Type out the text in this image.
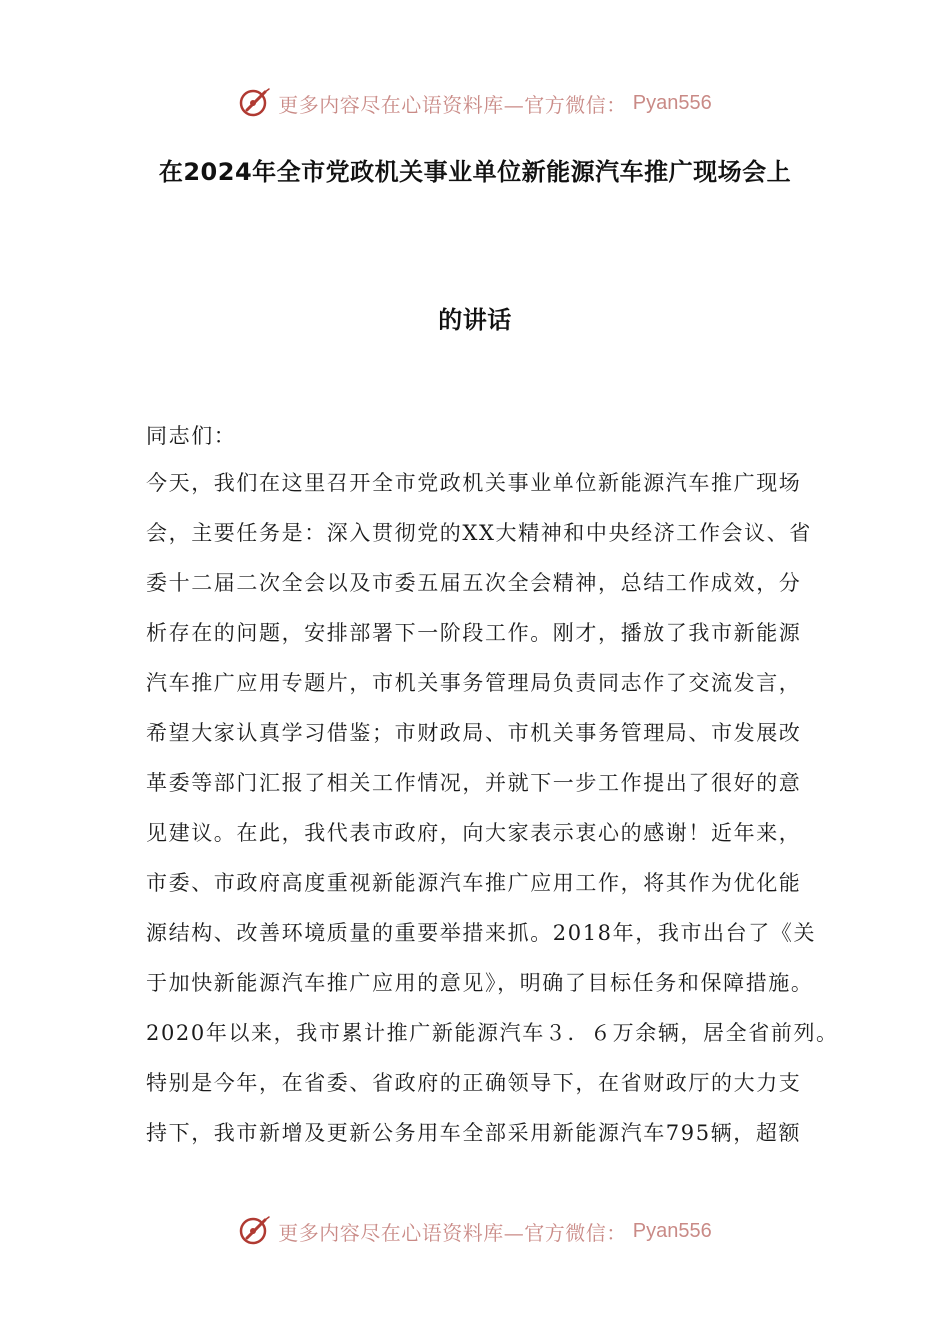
更多内容尽在心语资料库—官方微信： Pyan556
在2024年全市党政机关事业单位新能源汽车推广现场会上
的讲话
同志们：
今天，我们在这里召开全市党政机关事业单位新能源汽车推广现场
会，主要任务是：深入贯彻党的XX大精神和中央经济工作会议、省
委十二届二次全会以及市委五届五次全会精神，总结工作成效，分
析存在的问题，安排部署下一阶段工作。刚才，播放了我市新能源
汽车推广应用专题片，市机关事务管理局负责同志作了交流发言，
希望大家认真学习借鉴；市财政局、市机关事务管理局、市发展改
革委等部门汇报了相关工作情况，并就下一步工作提出了很好的意
见建议。在此，我代表市政府，向大家表示衷心的感谢！近年来，
市委、市政府高度重视新能源汽车推广应用工作，将其作为优化能
源结构、改善环境质量的重要举措来抓。2018年，我市出台了《关
于加快新能源汽车推广应用的意见》，明确了目标任务和保障措施。
2020年以来，我市累计推广新能源汽车３．６万余辆，居全省前列。
特别是今年，在省委、省政府的正确领导下，在省财政厅的大力支
持下，我市新增及更新公务用车全部采用新能源汽车795辆，超额
更多内容尽在心语资料库—官方微信： Pyan556
